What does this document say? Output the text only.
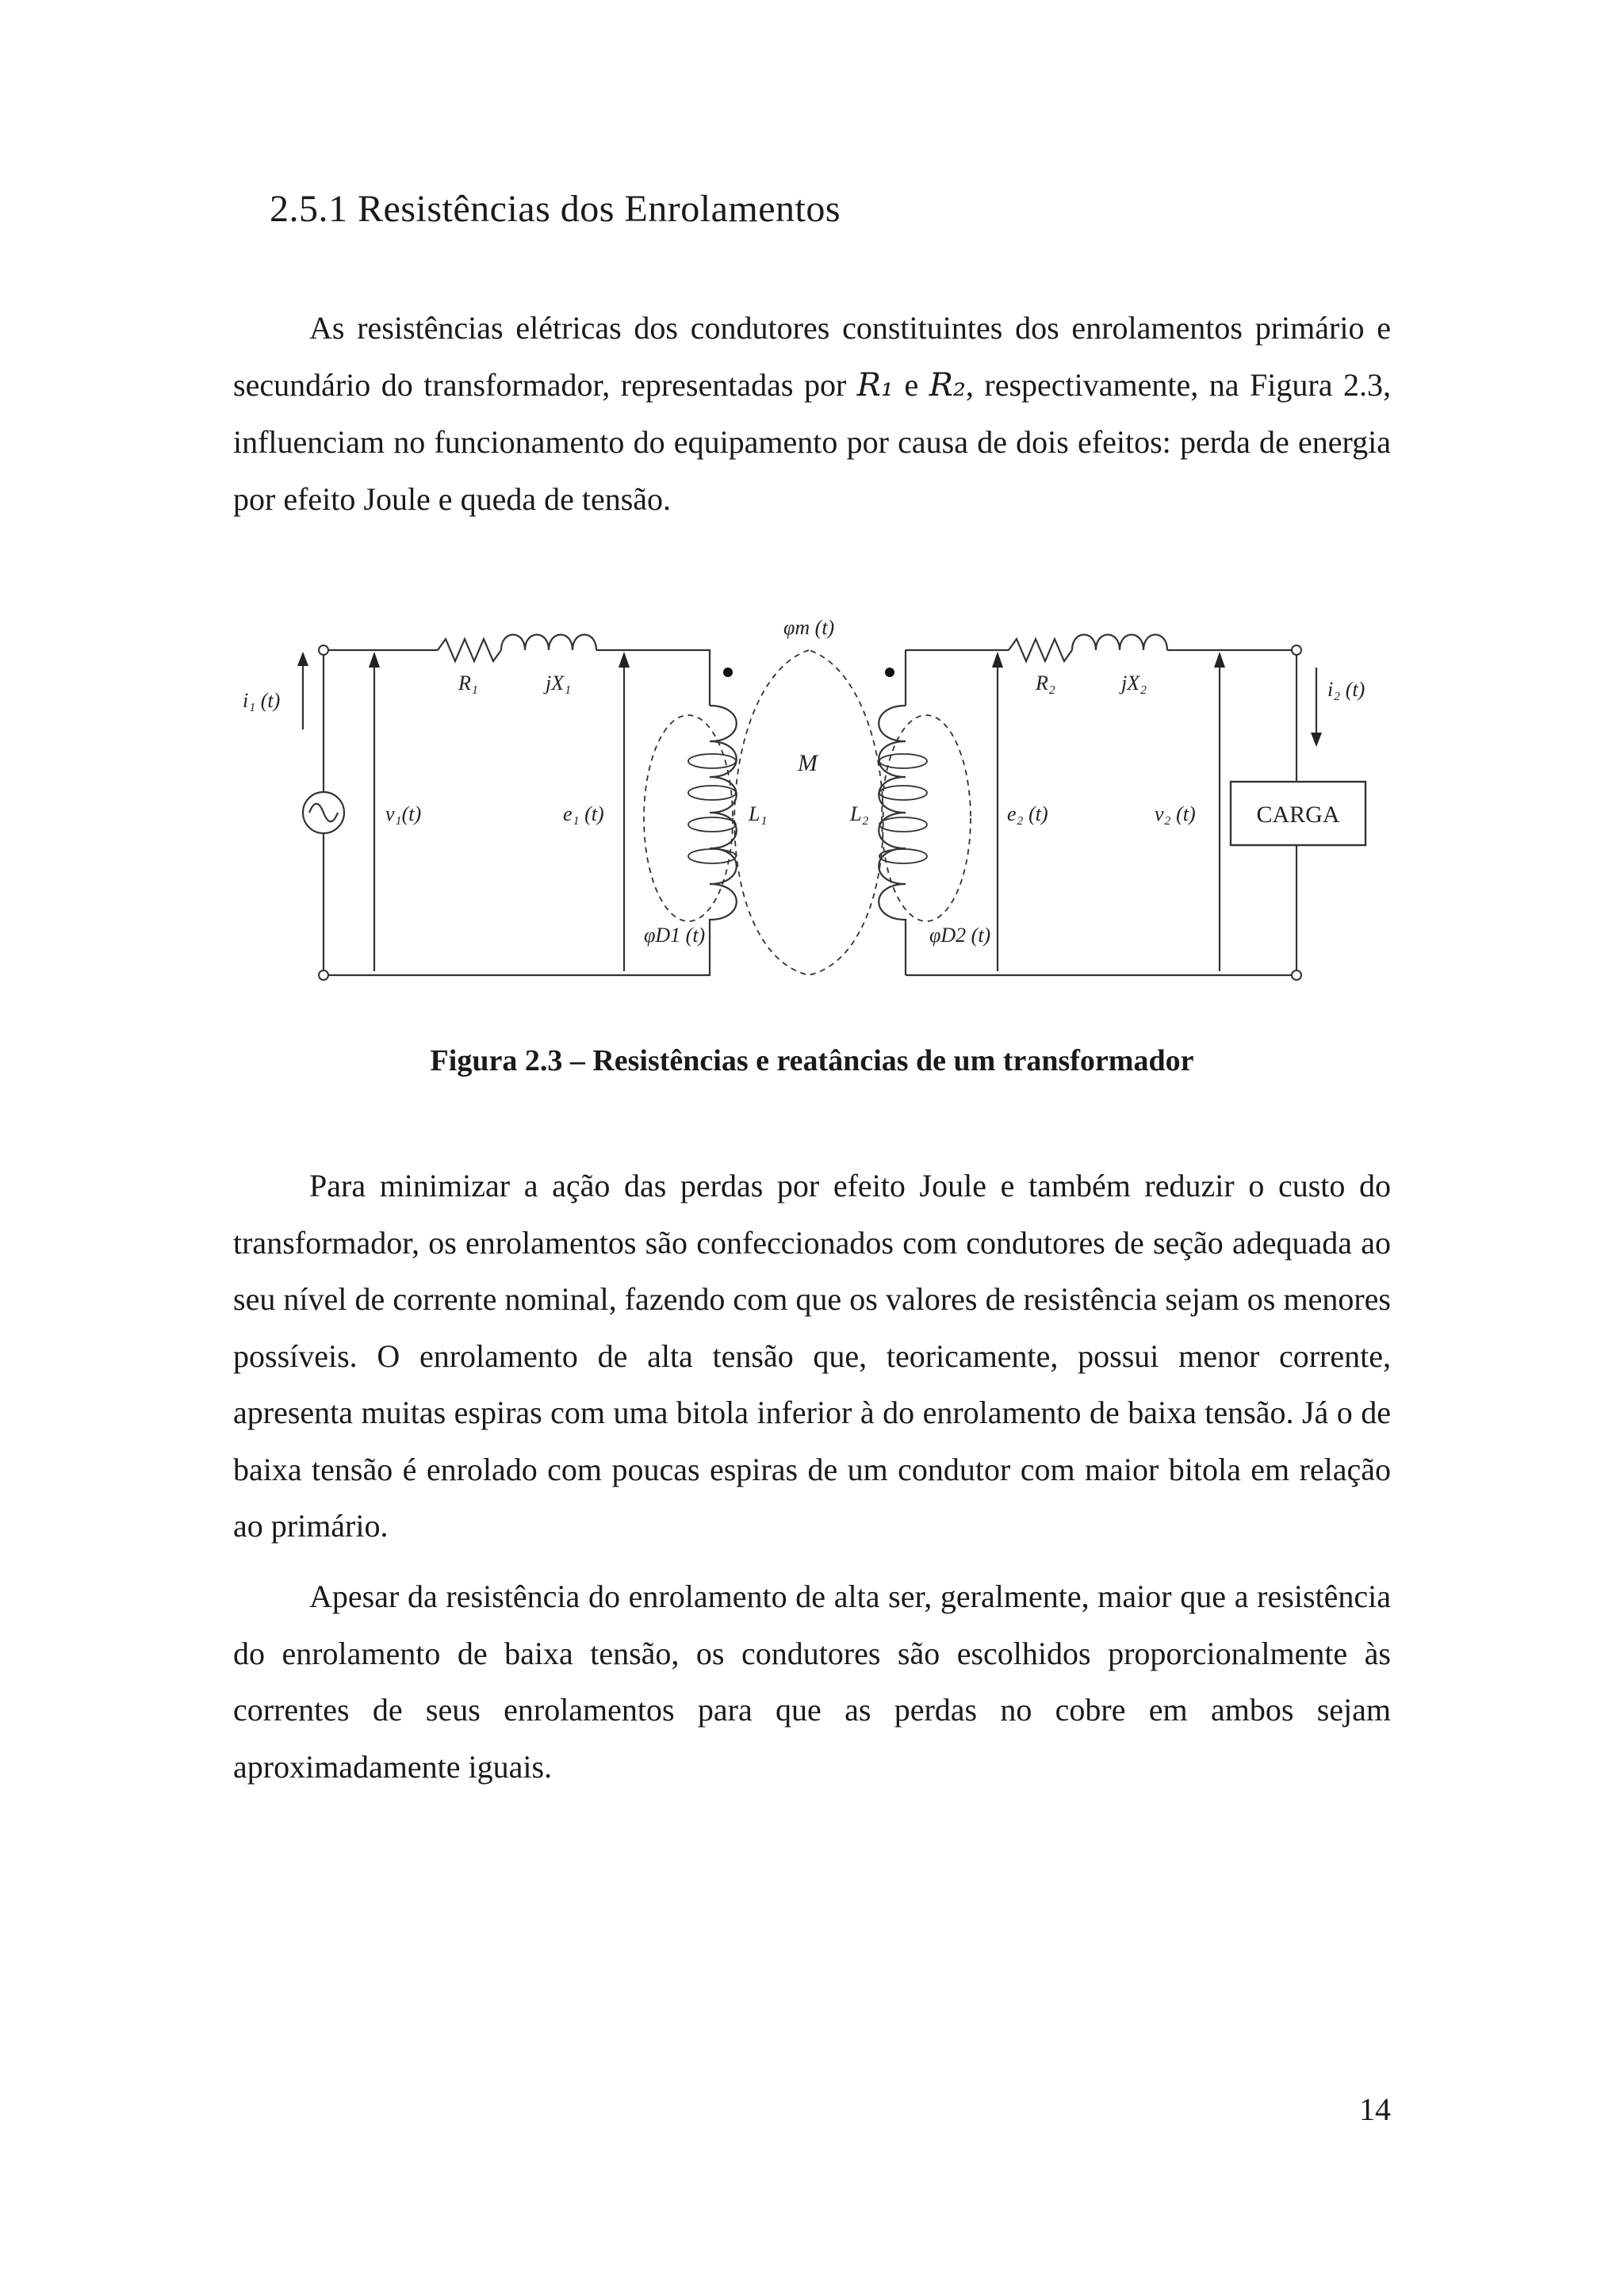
2.5.1 Resistências dos Enrolamentos

As resistências elétricas dos condutores constituintes dos enrolamentos primário e secundário do transformador, representadas por R₁ e R₂, respectivamente, na Figura 2.3, influenciam no funcionamento do equipamento por causa de dois efeitos: perda de energia por efeito Joule e queda de tensão.

i₁ (t)
v₁(t)	e₁ (t)
R₁	jX₁
L₁
φD1 (t)
φm (t)
M
L₂
φD2 (t)
e₂ (t)
R₂	jX₂
v₂ (t)
i₂ (t)
CARGA
Figura 2.3 – Resistências e reatâncias de um transformador

Para minimizar a ação das perdas por efeito Joule e também reduzir o custo do transformador, os enrolamentos são confeccionados com condutores de seção adequada ao seu nível de corrente nominal, fazendo com que os valores de resistência sejam os menores possíveis. O enrolamento de alta tensão que, teoricamente, possui menor corrente, apresenta muitas espiras com uma bitola inferior à do enrolamento de baixa tensão. Já o de baixa tensão é enrolado com poucas espiras de um condutor com maior bitola em relação ao primário.

Apesar da resistência do enrolamento de alta ser, geralmente, maior que a resistência do enrolamento de baixa tensão, os condutores são escolhidos proporcionalmente às correntes de seus enrolamentos para que as perdas no cobre em ambos sejam aproximadamente iguais.

14
